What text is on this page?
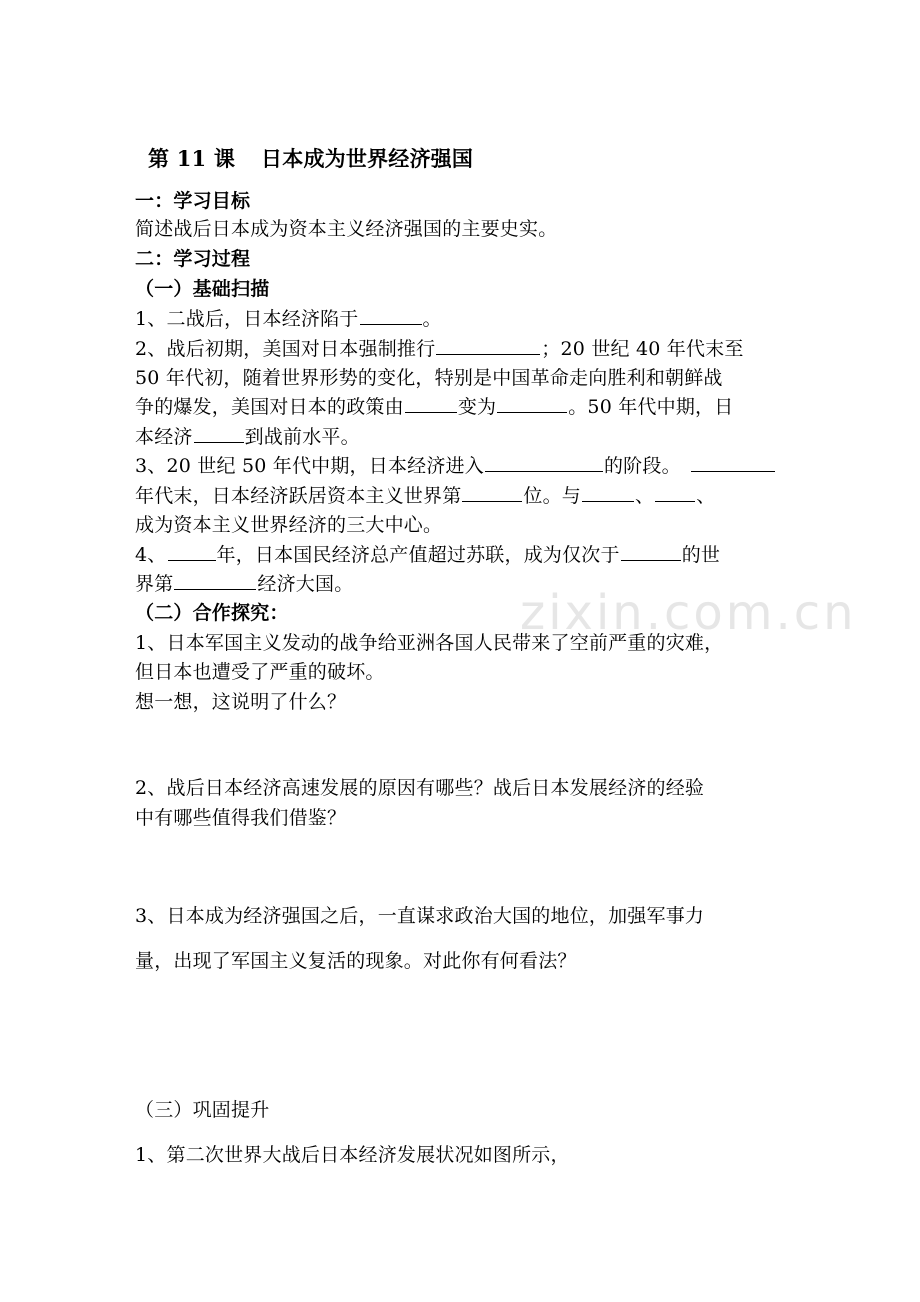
zixin.com.cn
第 11 课 日本成为世界经济强国
一：学习目标
简述战后日本成为资本主义经济强国的主要史实。
二：学习过程
（一）基础扫描
1、二战后，日本经济陷于	。
2、战后初期，美国对日本强制推行	；20 世纪 40 年代末至
50 年代初，随着世界形势的变化，特别是中国革命走向胜利和朝鲜战
争的爆发，美国对日本的政策由	变为	。50 年代中期，日
本经济	到战前水平。
3、20 世纪 50 年代中期，日本经济进入	的阶段。
年代末，日本经济跃居资本主义世界第	位。与	、 、
成为资本主义世界经济的三大中心。
4、	年，日本国民经济总产值超过苏联，成为仅次于	的世
界第	经济大国。
（二）合作探究：
1、日本军国主义发动的战争给亚洲各国人民带来了空前严重的灾难，
但日本也遭受了严重的破坏。
想一想，这说明了什么？
2、战后日本经济高速发展的原因有哪些？战后日本发展经济的经验
中有哪些值得我们借鉴？
3、日本成为经济强国之后，一直谋求政治大国的地位，加强军事力
量，出现了军国主义复活的现象。对此你有何看法？
（三）巩固提升
1、第二次世界大战后日本经济发展状况如图所示，
